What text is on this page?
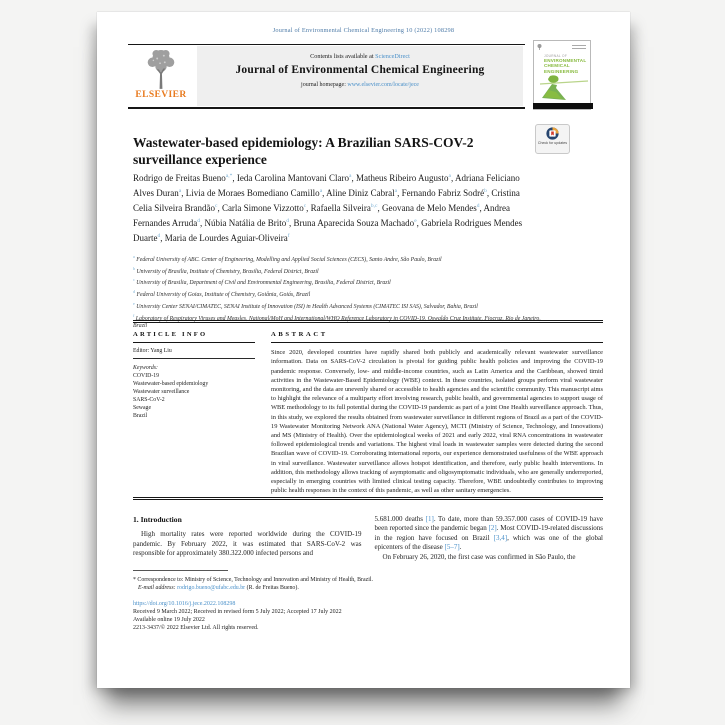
Journal of Environmental Chemical Engineering 10 (2022) 108298
ELSEVIER
Contents lists available at ScienceDirect
Journal of Environmental Chemical Engineering
journal homepage: www.elsevier.com/locate/jece
JOURNAL OF
ENVIRONMENTAL
CHEMICAL
ENGINEERING
Wastewater-based epidemiology: A Brazilian SARS-COV-2 surveillance experience
Check for updates
Rodrigo de Freitas Bueno$^{a,*}$, Ieda Carolina Mantovani Claro$^a$, Matheus Ribeiro Augusto$^a$, Adriana Feliciano Alves Duran$^a$, Livia de Moraes Bomediano Camillo$^a$, Aline Diniz Cabral$^a$, Fernando Fabriz Sodré$^b$, Cristina Celia Silveira Brandão$^c$, Carla Simone Vizzotto$^c$, Rafaella Silveira$^{b,c}$, Geovana de Melo Mendes$^d$, Andrea Fernandes Arruda$^d$, Núbia Natália de Brito$^d$, Bruna Aparecida Souza Machado$^e$, Gabriela Rodrigues Mendes Duarte$^d$, Maria de Lourdes Aguiar-Oliveira$^f$
$^a$ Federal University of ABC. Center of Engineering, Modelling and Applied Social Sciences (CECS), Santo Andre, São Paulo, Brazil
$^b$ University of Brasilia, Institute of Chemistry, Brasilia, Federal District, Brazil
$^c$ University of Brasilia, Department of Civil and Environmental Engineering, Brasilia, Federal District, Brazil
$^d$ Federal University of Goias, Institute of Chemistry, Goiânia, Goiás, Brazil
$^e$ University Center SENAI/CIMATEC, SENAI Institute of Innovation (ISI) in Health Advanced Systems (CIMATEC ISI SAS), Salvador, Bahia, Brazil
$^f$ Laboratory of Respiratory Viruses and Measles, National/MoH and International/WHO Reference Laboratory in COVID-19, Oswaldo Cruz Institute, Fiocruz, Rio de Janeiro, Brazil
ARTICLE INFO
Editor: Yang Liu
Keywords:
COVID-19
Wastewater-based epidemiology
Wastewater surveillance
SARS-CoV-2
Sewage
Brazil
ABSTRACT

Since 2020, developed countries have rapidly shared both publicly and academically relevant wastewater surveillance information. Data on SARS-CoV-2 circulation is pivotal for guiding public health policies and improving the COVID-19 pandemic response. Conversely, low- and middle-income countries, such as Latin America and the Caribbean, showed timid activities in the Wastewater-Based Epidemiology (WBE) context. In these countries, isolated groups perform viral wastewater monitoring, and the data are unevenly shared or accessible to health agencies and the scientific community. This manuscript aims to highlight the relevance of a multiparty effort involving research, public health, and governmental agencies to support usage of WBE methodology to its full potential during the COVID-19 pandemic as part of a joint One Health surveillance approach. Thus, in this study, we explored the results obtained from wastewater surveillance in different regions of Brazil as a part of the COVID-19 Wastewater Monitoring Network ANA (National Water Agency), MCTI (Ministry of Science, Technology, and Innovations) and MS (Ministry of Health). Over the epidemiological weeks of 2021 and early 2022, viral RNA concentrations in wastewater followed epidemiological trends and variations. The highest viral loads in wastewater samples were detected during the second Brazilian wave of COVID-19. Corroborating international reports, our experience demonstrated usefulness of the WBE approach in viral surveillance. Wastewater surveillance allows hotspot identification, and therefore, early public health interventions. In addition, this methodology allows tracking of asymptomatic and oligosymptomatic individuals, who are generally underreported, especially in emerging countries with limited clinical testing capacity. Therefore, WBE undoubtedly contributes to improving public health responses in the context of this pandemic, as well as other sanitary emergencies.

1. Introduction

High mortality rates were reported worldwide during the COVID-19 pandemic. By February 2022, it was estimated that SARS-CoV-2 was responsible for approximately 380.322.000 infected persons and

5.681.000 deaths [1]. To date, more than 59.357.000 cases of COVID-19 have been reported since the pandemic began [2]. Most COVID-19-related discussions in the region have focused on Brazil [3,4], which was one of the global epicenters of the disease [5–7].

On February 26, 2020, the first case was confirmed in São Paulo, the

* Correspondence to: Ministry of Science, Technology and Innovation and Ministry of Health, Brazil.
E-mail address: rodrigo.bueno@ufabc.edu.br (R. de Freitas Bueno).
https://doi.org/10.1016/j.jece.2022.108298
Received 9 March 2022; Received in revised form 5 July 2022; Accepted 17 July 2022
Available online 19 July 2022
2213-3437/© 2022 Elsevier Ltd. All rights reserved.
